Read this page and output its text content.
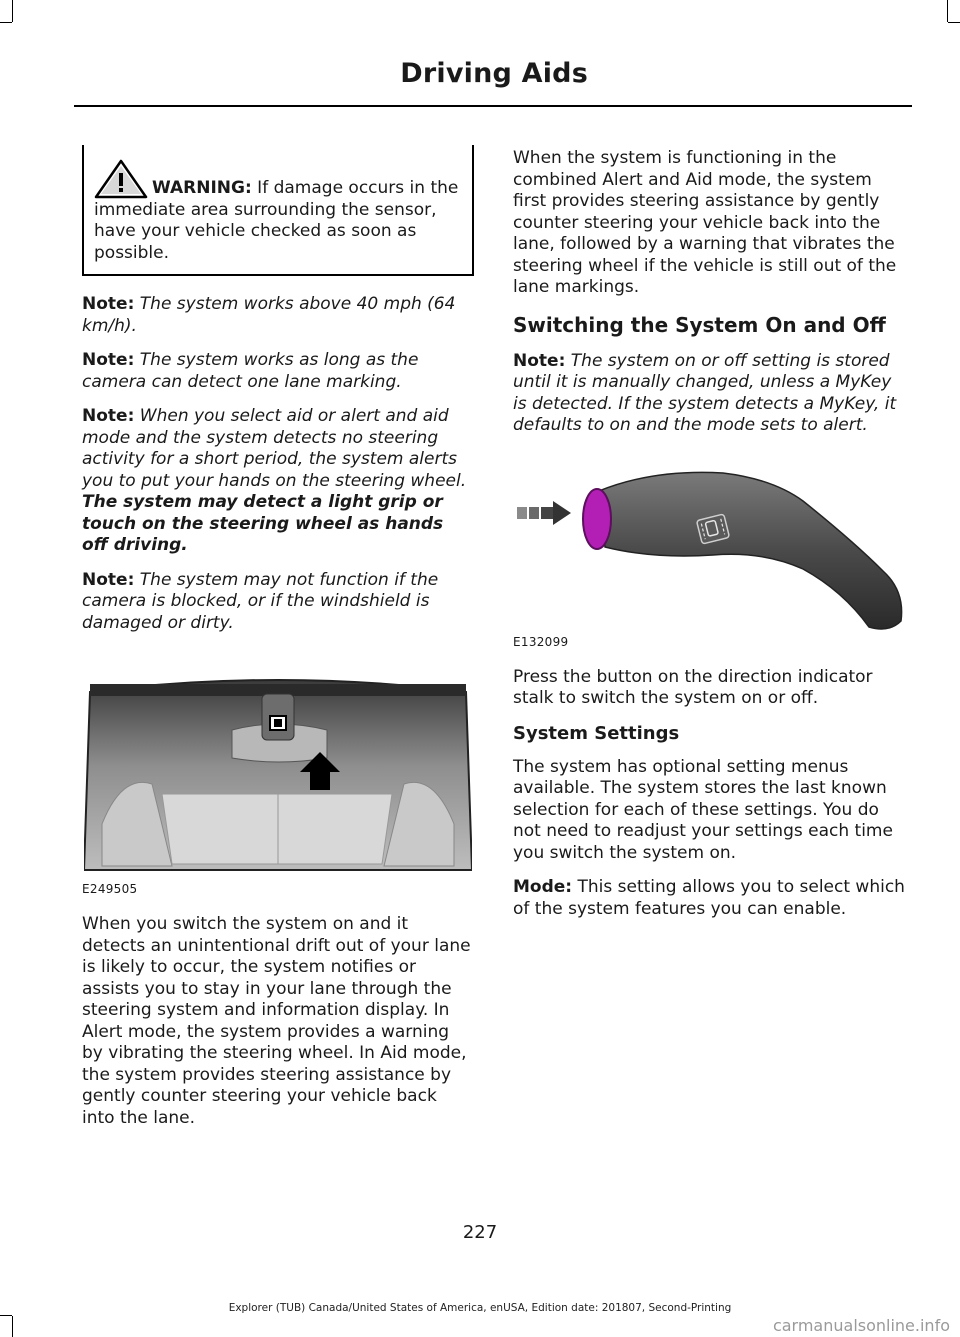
Driving Aids

WARNING: If damage occurs in the immediate area surrounding the sensor, have your vehicle checked as soon as possible.

Note: The system works above 40 mph (64 km/h).

Note: The system works as long as the camera can detect one lane marking.

Note: When you select aid or alert and aid mode and the system detects no steering activity for a short period, the system alerts you to put your hands on the steering wheel. The system may detect a light grip or touch on the steering wheel as hands off driving.

Note: The system may not function if the camera is blocked, or if the windshield is damaged or dirty.

E249505

When you switch the system on and it detects an unintentional drift out of your lane is likely to occur, the system notifies or assists you to stay in your lane through the steering system and information display. In Alert mode, the system provides a warning by vibrating the steering wheel. In Aid mode, the system provides steering assistance by gently counter steering your vehicle back into the lane.

When the system is functioning in the combined Alert and Aid mode, the system first provides steering assistance by gently counter steering your vehicle back into the lane, followed by a warning that vibrates the steering wheel if the vehicle is still out of the lane markings.

Switching the System On and Off

Note: The system on or off setting is stored until it is manually changed, unless a MyKey is detected. If the system detects a MyKey, it defaults to on and the mode sets to alert.

E132099

Press the button on the direction indicator stalk to switch the system on or off.

System Settings

The system has optional setting menus available. The system stores the last known selection for each of these settings. You do not need to readjust your settings each time you switch the system on.

Mode: This setting allows you to select which of the system features you can enable.

227
Explorer (TUB) Canada/United States of America, enUSA, Edition date: 201807, Second-Printing
carmanualsonline.info
